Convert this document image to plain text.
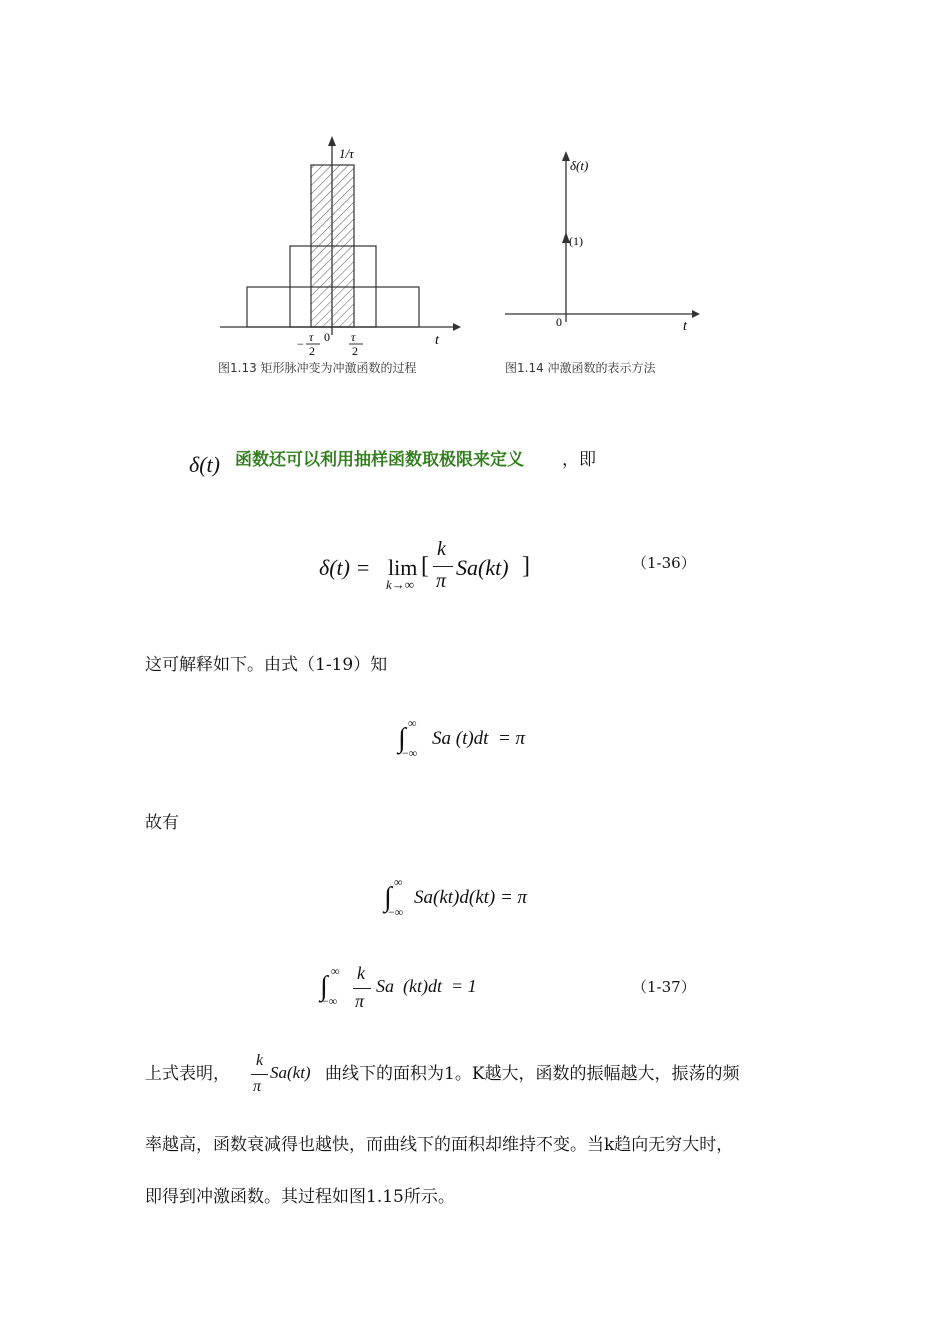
1/τ
t
− τ
2
0 τ
2
图1.13 矩形脉冲变为冲激函数的过程
δ(t)
(1)
0	t
图1.14 冲激函数的表示方法
δ(t) 函数还可以利用抽样函数取极限来定义 ，即
δ(t) = lim
k→∞
[
k
π
Sa(kt) ]	（1-36）
这可解释如下。由式（1-19）知
∫ ∞
−∞
Sa (t)dt  = π
故有
∫ ∞
−∞
Sa(kt)d(kt) = π
∫ ∞
−∞
k
π
Sa  (kt)dt  = 1	（1-37）
上式表明，
k
π
Sa(kt) 曲线下的面积为1。K越大，函数的振幅越大，振荡的频
率越高，函数衰减得也越快，而曲线下的面积却维持不变。当k趋向无穷大时，
即得到冲激函数。其过程如图1.15所示。
